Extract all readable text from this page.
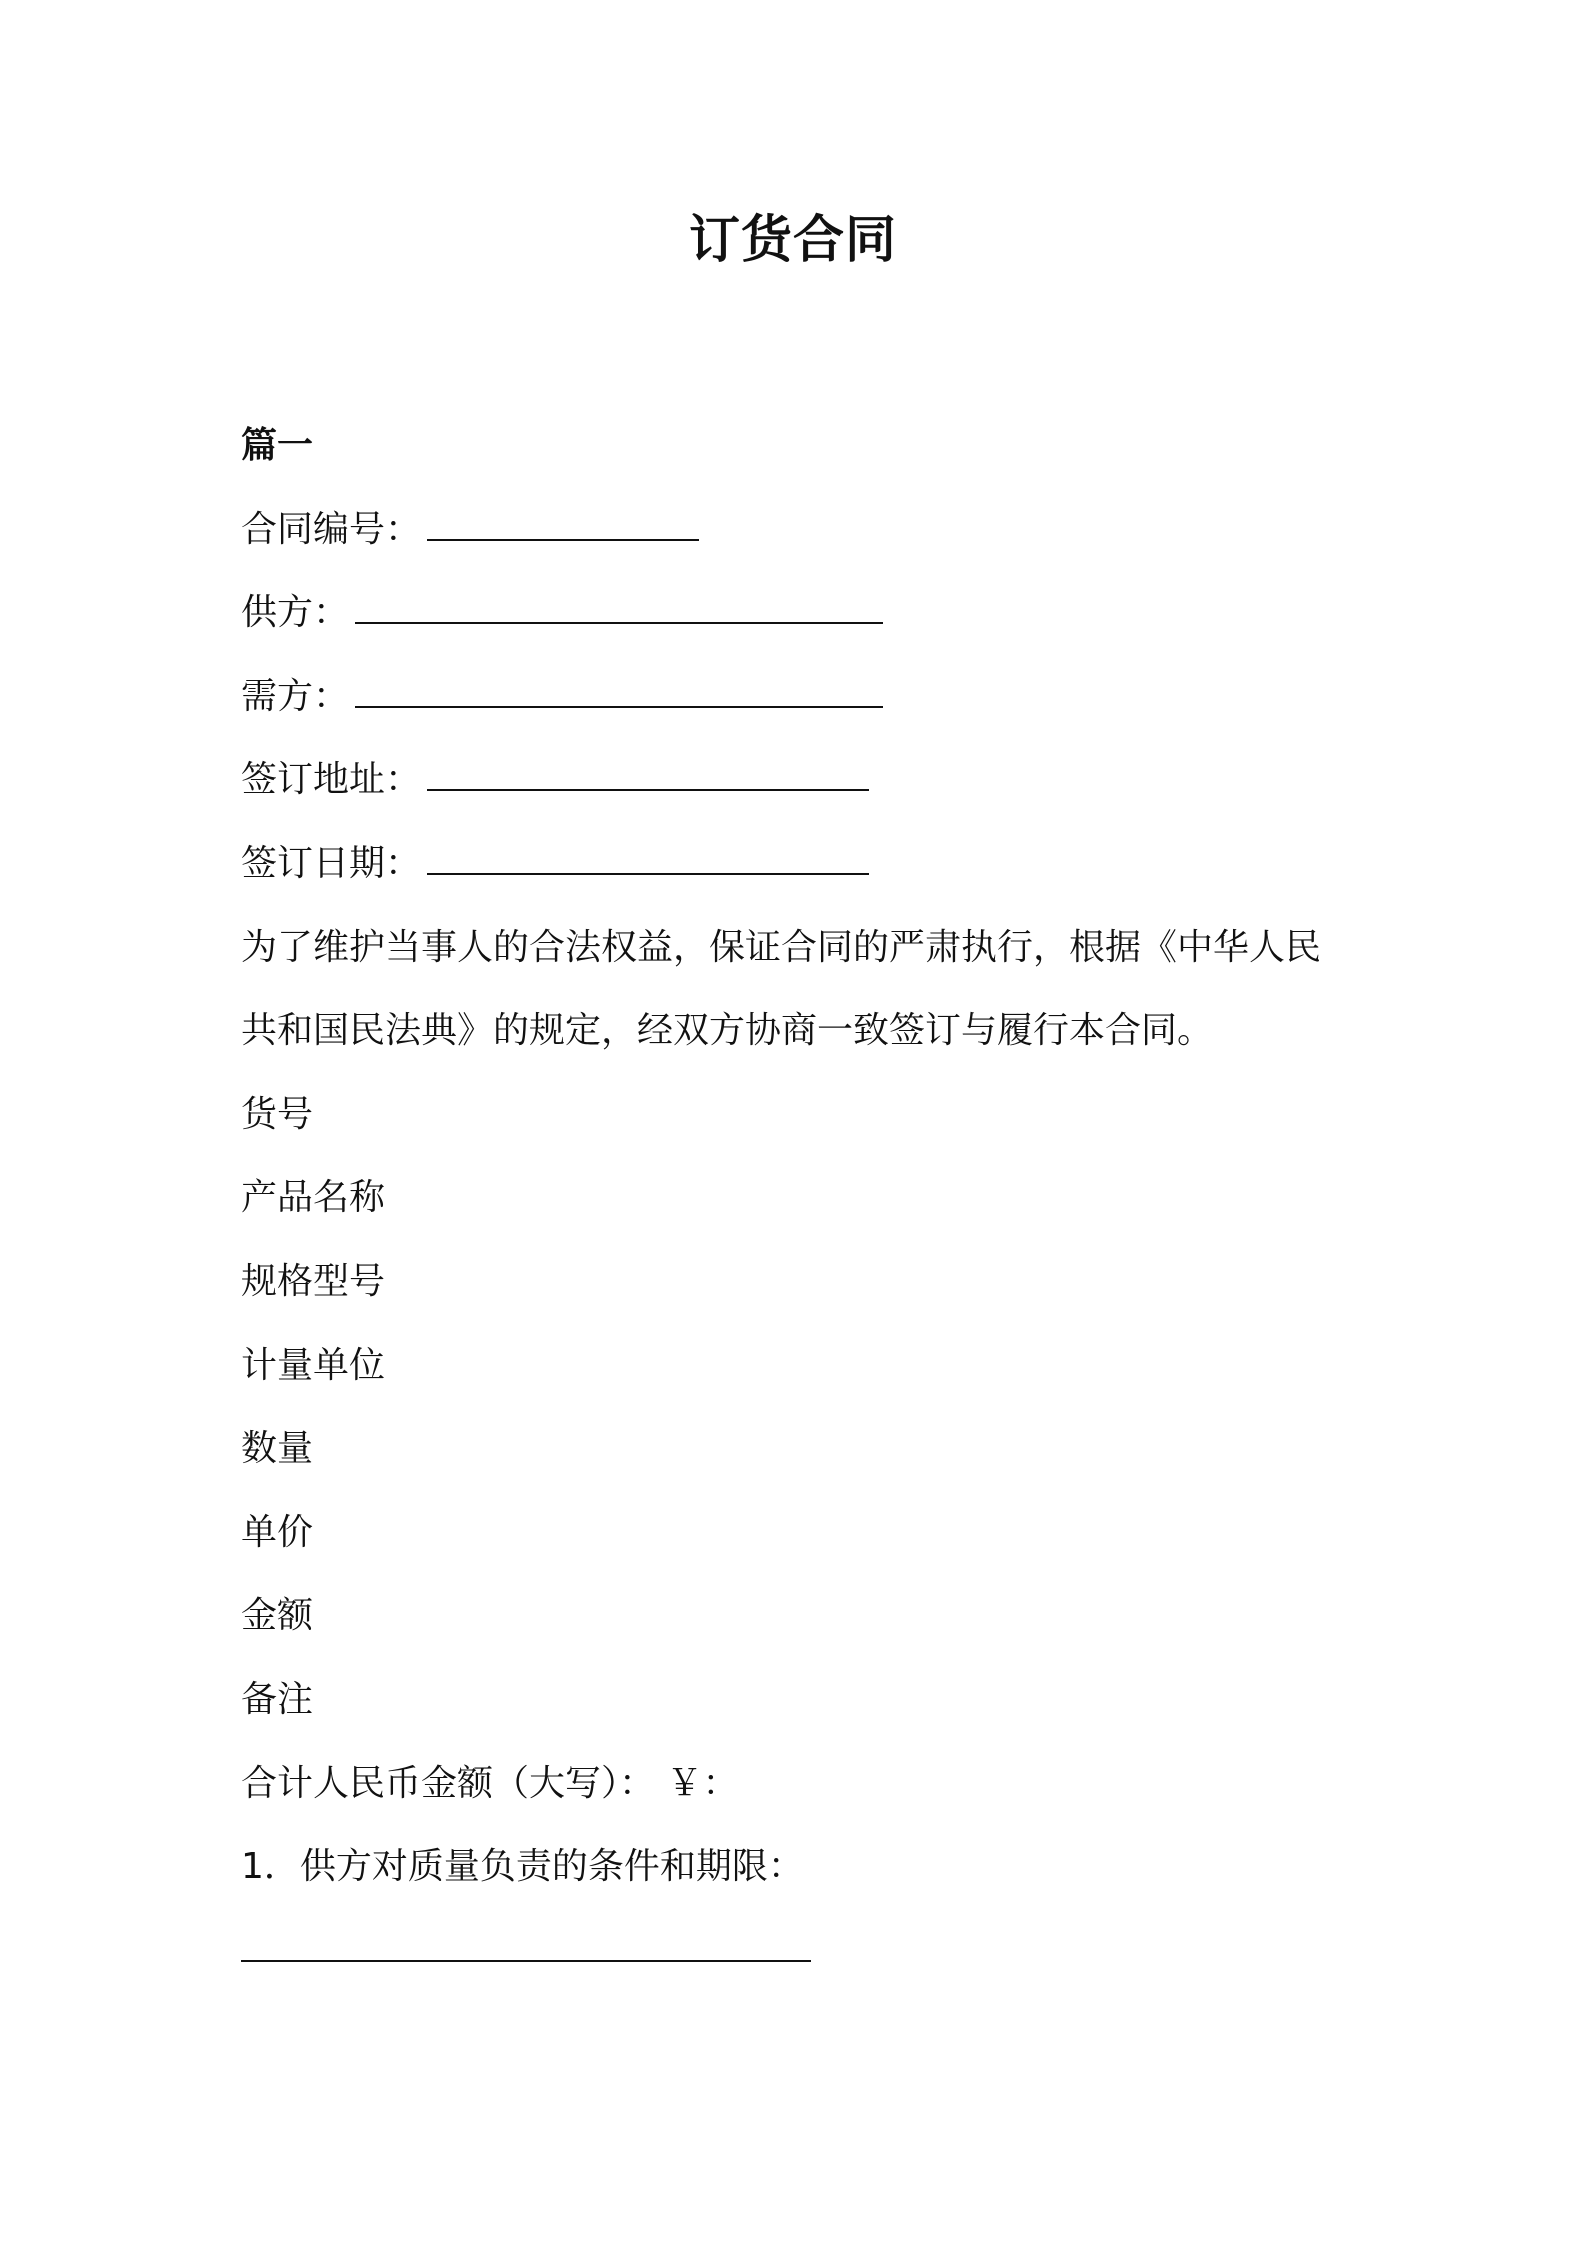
订货合同
篇一
合同编号：
供方：
需方：
签订地址：
签订日期：
为了维护当事人的合法权益，保证合同的严肃执行，根据《中华人民
共和国民法典》的规定，经双方协商一致签订与履行本合同。
货号
产品名称
规格型号
计量单位
数量
单价
金额
备注
合计人民币金额（大写）： ￥：
1．供方对质量负责的条件和期限：
